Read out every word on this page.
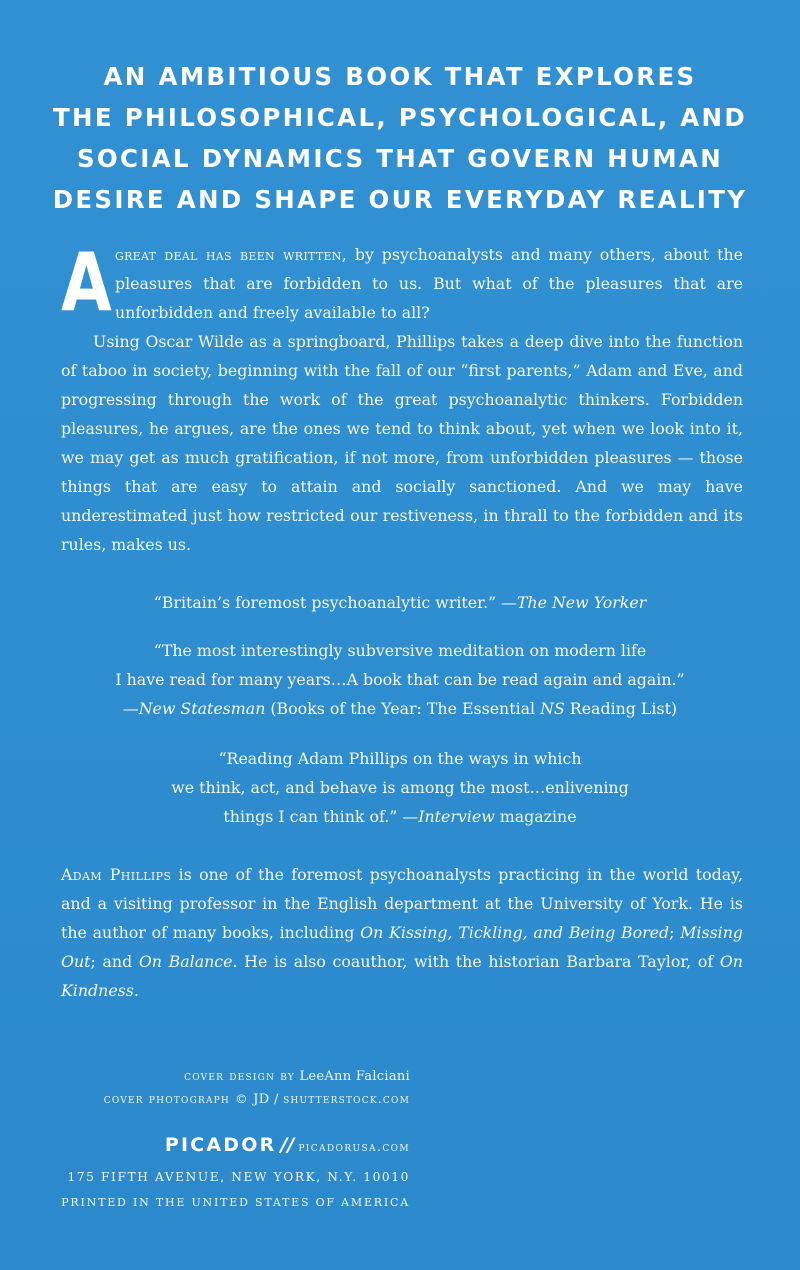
AN AMBITIOUS BOOK THAT EXPLORES
THE PHILOSOPHICAL, PSYCHOLOGICAL, AND
SOCIAL DYNAMICS THAT GOVERN HUMAN
DESIRE AND SHAPE OUR EVERYDAY REALITY

Agreat deal has been written, by psychoanalysts and many others, about the pleasures that are forbidden to us. But what of the pleasures that are unforbidden and freely available to all?

Using Oscar Wilde as a springboard, Phillips takes a deep dive into the function of taboo in society, beginning with the fall of our “first parents,” Adam and Eve, and progressing through the work of the great psychoanalytic thinkers. Forbidden pleasures, he argues, are the ones we tend to think about, yet when we look into it, we may get as much gratification, if not more, from unforbidden pleasures — those things that are easy to attain and socially sanctioned. And we may have underestimated just how restricted our restiveness, in thrall to the forbidden and its rules, makes us.

“Britain’s foremost psychoanalytic writer.” —The New Yorker
“The most interestingly subversive meditation on modern life
I have read for many years…A book that can be read again and again.”
—New Statesman (Books of the Year: The Essential NS Reading List)
“Reading Adam Phillips on the ways in which
we think, act, and behave is among the most…enlivening
things I can think of.” —Interview magazine

Adam Phillips is one of the foremost psychoanalysts practicing in the world today, and a visiting professor in the English department at the University of York. He is the author of many books, including On Kissing, Tickling, and Being Bored; Missing Out; and On Balance. He is also coauthor, with the historian Barbara Taylor, of On Kindness.

cover design by LeeAnn Falciani
cover photograph © JD / shutterstock.com
PICADOR // picadorusa.com
175 FIFTH AVENUE, NEW YORK, N.Y. 10010
PRINTED IN THE UNITED STATES OF AMERICA
